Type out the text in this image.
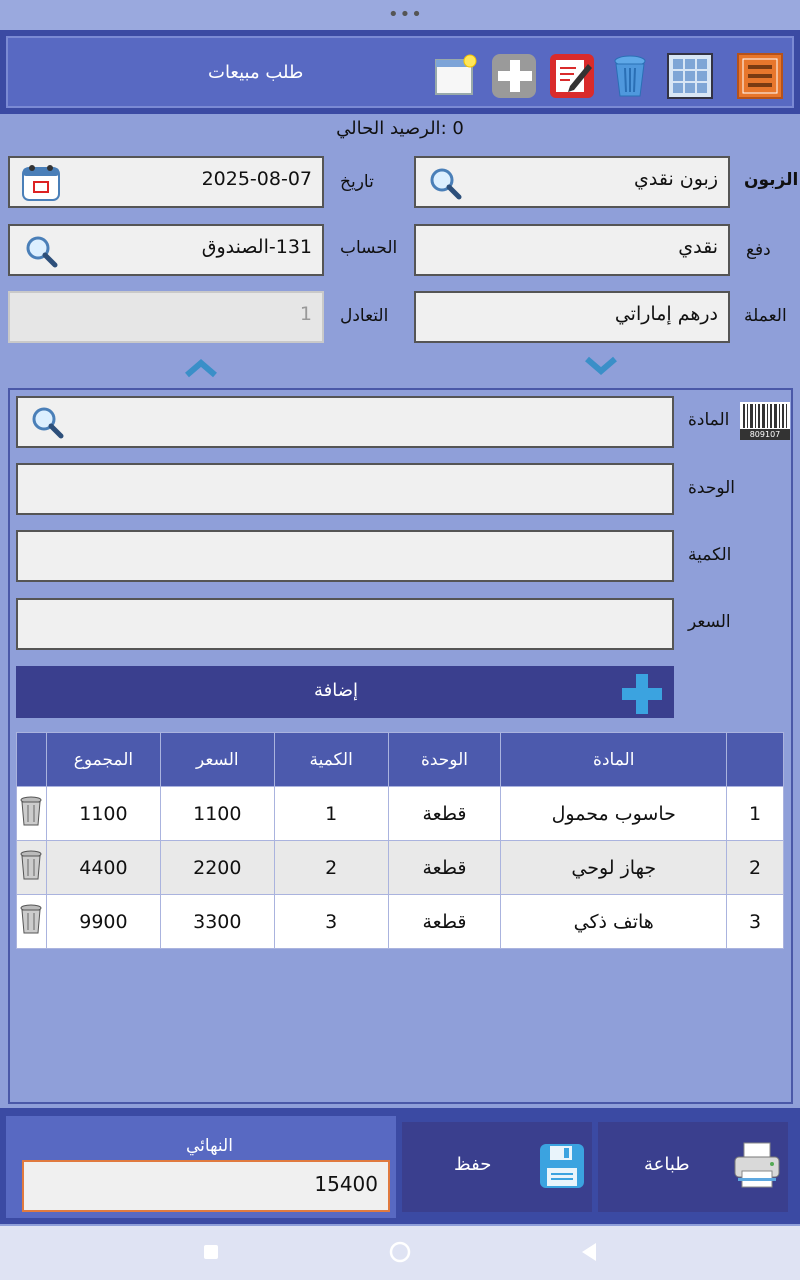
•••
طلب مبيعات
الرصيد الحالي: 0
الزبون
زبون نقدي
تاريخ
2025-08-07
دفع
نقدي
الحساب
131-الصندوق
العملة
درهم إماراتي
التعادل
1
المادة
809107
الوحدة
الكمية
السعر
إضافة
	المجموع	السعر	الكمية	الوحدة	المادة	
	1100	1100	1	قطعة	حاسوب محمول	1
	4400	2200	2	قطعة	جهاز لوحي	2
	9900	3300	3	قطعة	هاتف ذكي	3
النهائي
15400
حفظ	طباعة
